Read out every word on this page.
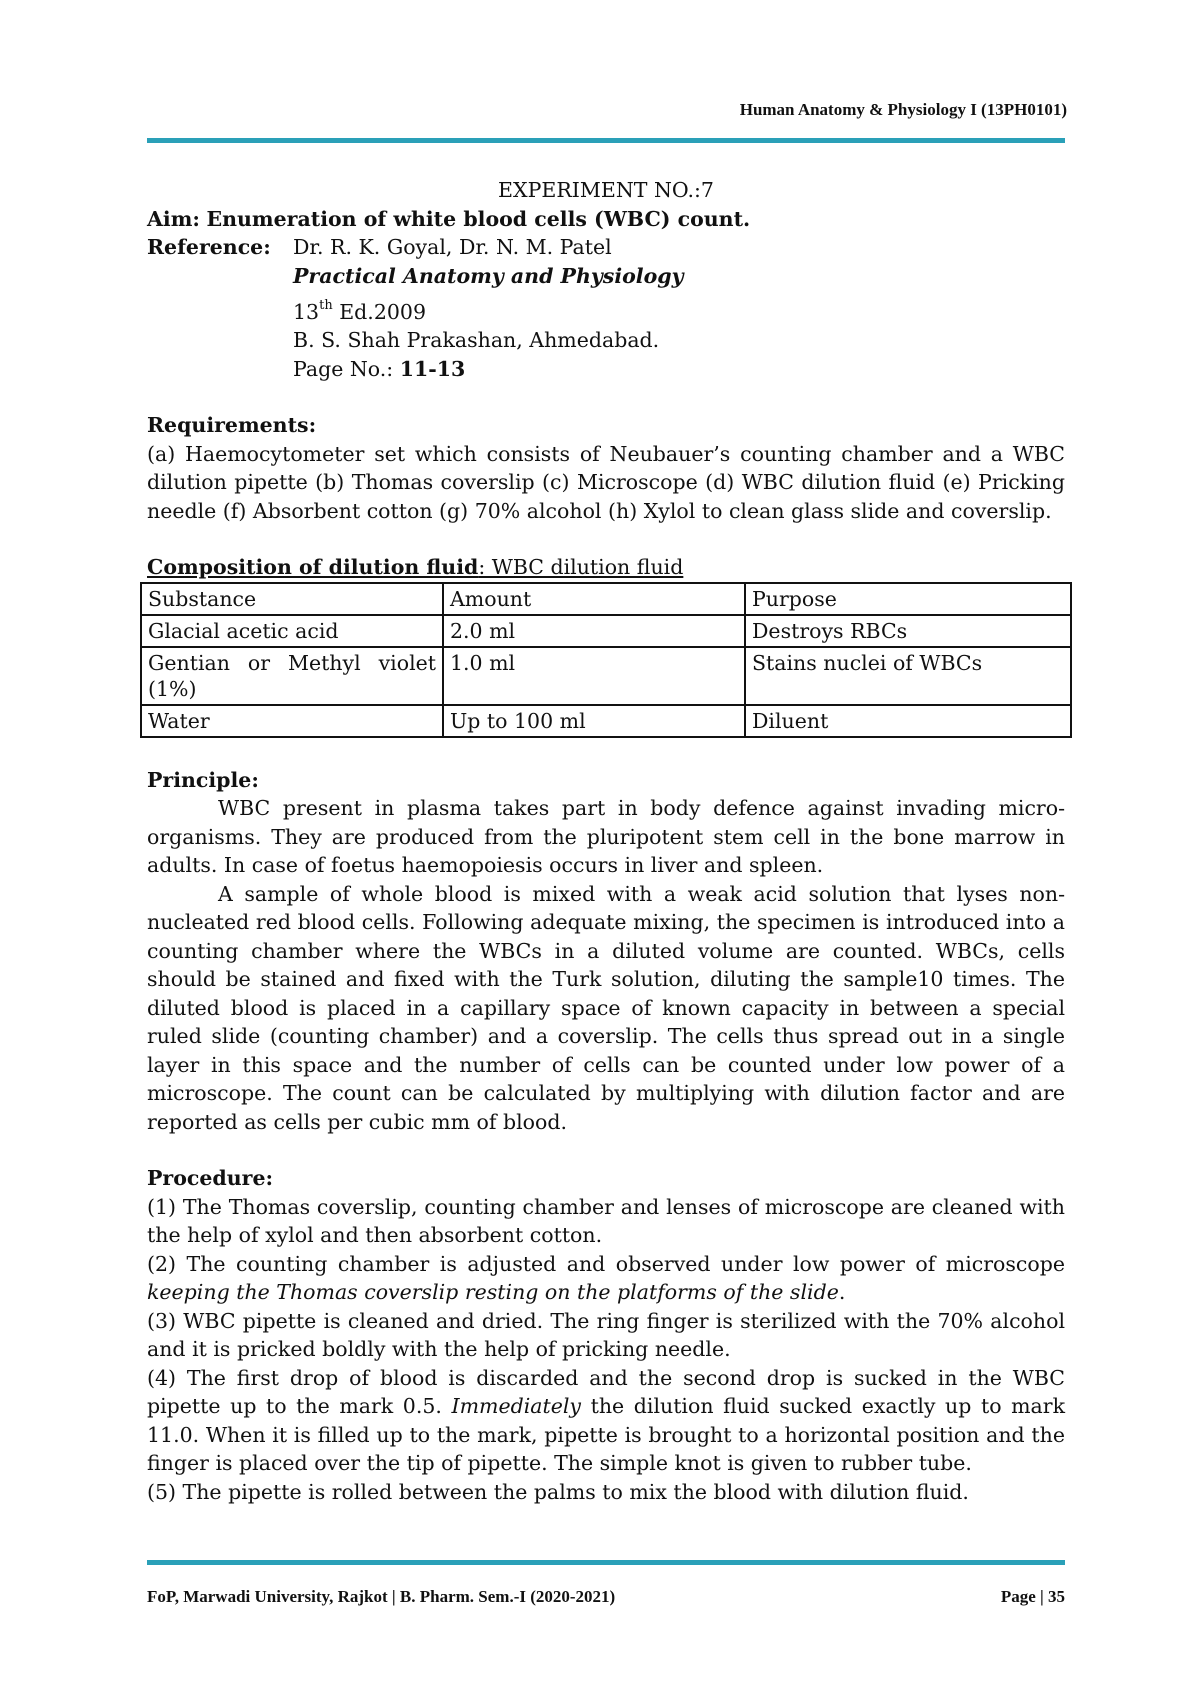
Human Anatomy & Physiology I (13PH0101)
EXPERIMENT NO.:7
Aim: Enumeration of white blood cells (WBC) count.
Reference:	Dr. R. K. Goyal, Dr. N. M. Patel
Practical Anatomy and Physiology
13th Ed.2009
B. S. Shah Prakashan, Ahmedabad.
Page No.: 11-13
Requirements:
(a) Haemocytometer set which consists of Neubauer’s counting chamber and a WBC dilution pipette (b) Thomas coverslip (c) Microscope (d) WBC dilution fluid (e) Pricking needle (f) Absorbent cotton (g) 70% alcohol (h) Xylol to clean glass slide and coverslip.
Composition of dilution fluid: WBC dilution fluid
Substance	Amount	Purpose
Glacial acetic acid	2.0 ml	Destroys RBCs
Gentian or Methyl violet (1%)	1.0 ml	Stains nuclei of WBCs
Water	Up to 100 ml	Diluent
Principle:
WBC present in plasma takes part in body defence against invading micro-organisms. They are produced from the pluripotent stem cell in the bone marrow in adults. In case of foetus haemopoiesis occurs in liver and spleen.
A sample of whole blood is mixed with a weak acid solution that lyses non-nucleated red blood cells. Following adequate mixing, the specimen is introduced into a counting chamber where the WBCs in a diluted volume are counted. WBCs, cells should be stained and fixed with the Turk solution, diluting the sample10 times. The diluted blood is placed in a capillary space of known capacity in between a special ruled slide (counting chamber) and a coverslip. The cells thus spread out in a single layer in this space and the number of cells can be counted under low power of a microscope. The count can be calculated by multiplying with dilution factor and are reported as cells per cubic mm of blood.
Procedure:
(1) The Thomas coverslip, counting chamber and lenses of microscope are cleaned with the help of xylol and then absorbent cotton.
(2) The counting chamber is adjusted and observed under low power of microscope keeping the Thomas coverslip resting on the platforms of the slide.
(3) WBC pipette is cleaned and dried. The ring finger is sterilized with the 70% alcohol and it is pricked boldly with the help of pricking needle.
(4) The first drop of blood is discarded and the second drop is sucked in the WBC pipette up to the mark 0.5. Immediately the dilution fluid sucked exactly up to mark 11.0. When it is filled up to the mark, pipette is brought to a horizontal position and the finger is placed over the tip of pipette. The simple knot is given to rubber tube.
(5) The pipette is rolled between the palms to mix the blood with dilution fluid.
FoP, Marwadi University, Rajkot | B. Pharm. Sem.-I (2020-2021)	Page | 35
